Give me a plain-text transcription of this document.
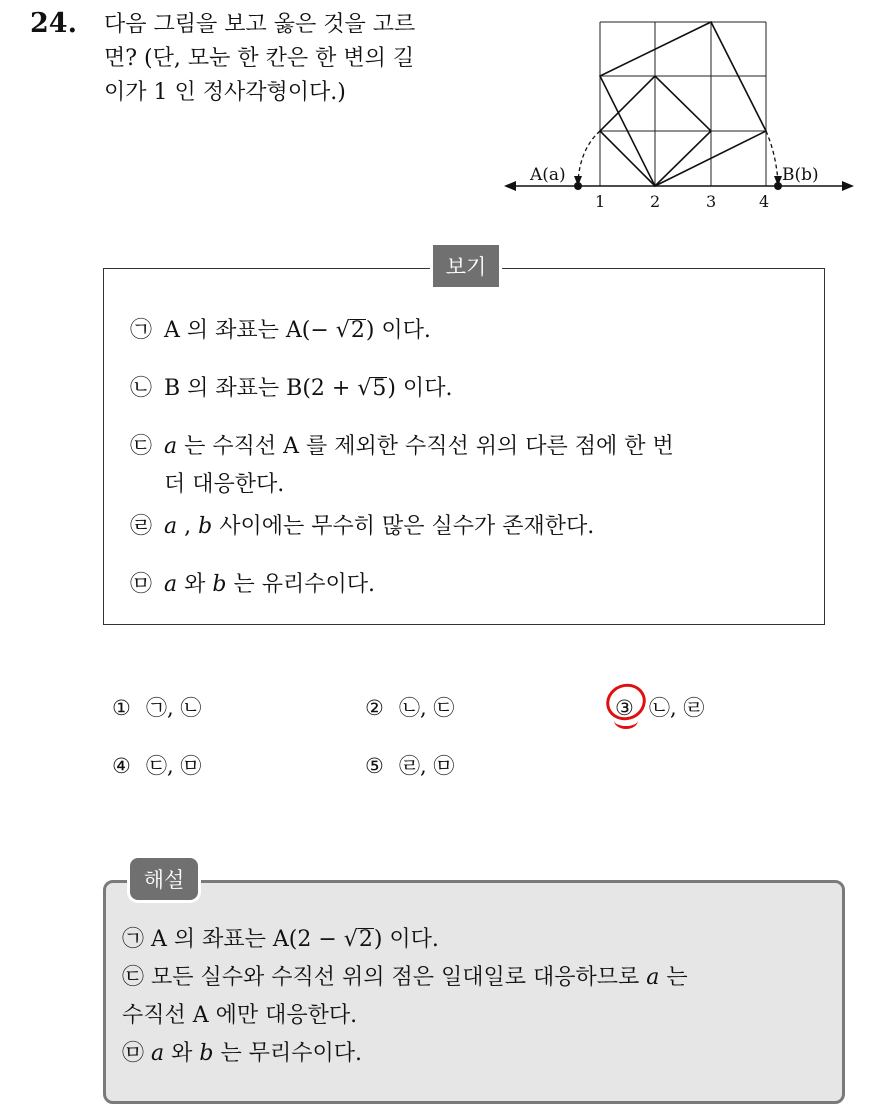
24. 다음 그림을 보고 옳은 것을 고르
면? (단, 모눈 한 칸은 한 변의 길
이가 1 인 정사각형이다.)
A(a)	B(b)
1	2	3	4
보기
㉠ A 의 좌표는 A(− √2) 이다.
㉡ B 의 좌표는 B(2 + √5) 이다.
㉢ a 는 수직선 A 를 제외한 수직선 위의 다른 점에 한 번
더 대응한다.
㉣ a , b 사이에는 무수히 많은 실수가 존재한다.
㉤ a 와 b 는 유리수이다.
① ㉠, ㉡	② ㉡, ㉢	③ ㉡, ㉣
④ ㉢, ㉤	⑤ ㉣, ㉤
해설
㉠ A 의 좌표는 A(2 − √2) 이다.
㉢ 모든 실수와 수직선 위의 점은 일대일로 대응하므로 a 는
수직선 A 에만 대응한다.
㉤ a 와 b 는 무리수이다.
